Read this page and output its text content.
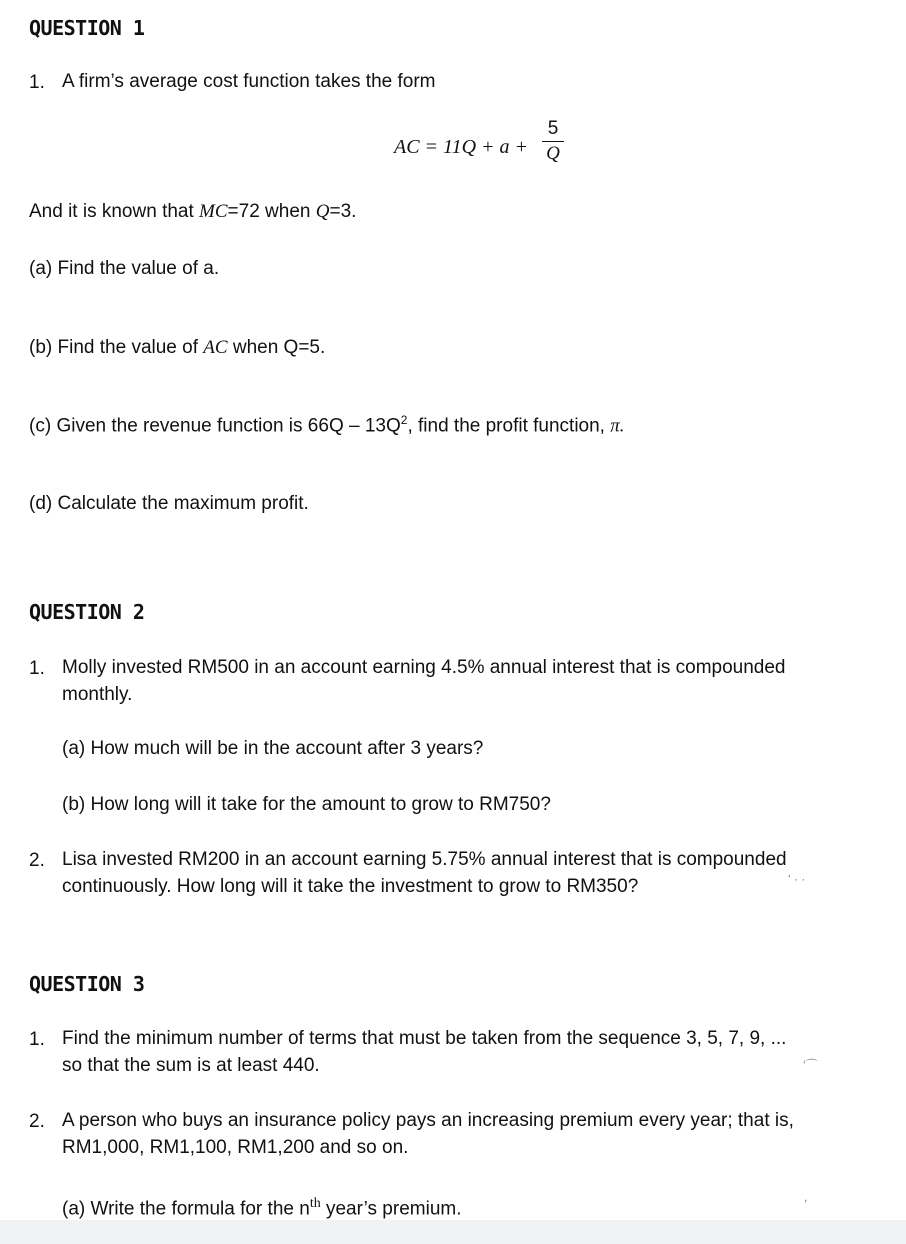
QUESTION 1
1. A firm’s average cost function takes the form
AC = 11Q + a +
5
Q
And it is known that MC=72 when Q=3.
(a) Find the value of a.
(b) Find the value of AC when Q=5.
(c) Given the revenue function is $66Q - 13Q^2$, find the profit function, π.
(d) Calculate the maximum profit.
QUESTION 2
1. Molly invested RM500 in an account earning 4.5% annual interest that is compounded
monthly.
(a) How much will be in the account after 3 years?
(b) How long will it take for the amount to grow to RM750?
2. Lisa invested RM200 in an account earning 5.75% annual interest that is compounded
continuously. How long will it take the investment to grow to RM350?	‘ · ·
QUESTION 3
1. Find the minimum number of terms that must be taken from the sequence 3, 5, 7, 9, ...
so that the sum is at least 440.	‘⌒
2. A person who buys an insurance policy pays an increasing premium every year; that is,
RM1,000, RM1,100, RM1,200 and so on.
(a) Write the formula for the $n^{th}$ year’s premium.
,
